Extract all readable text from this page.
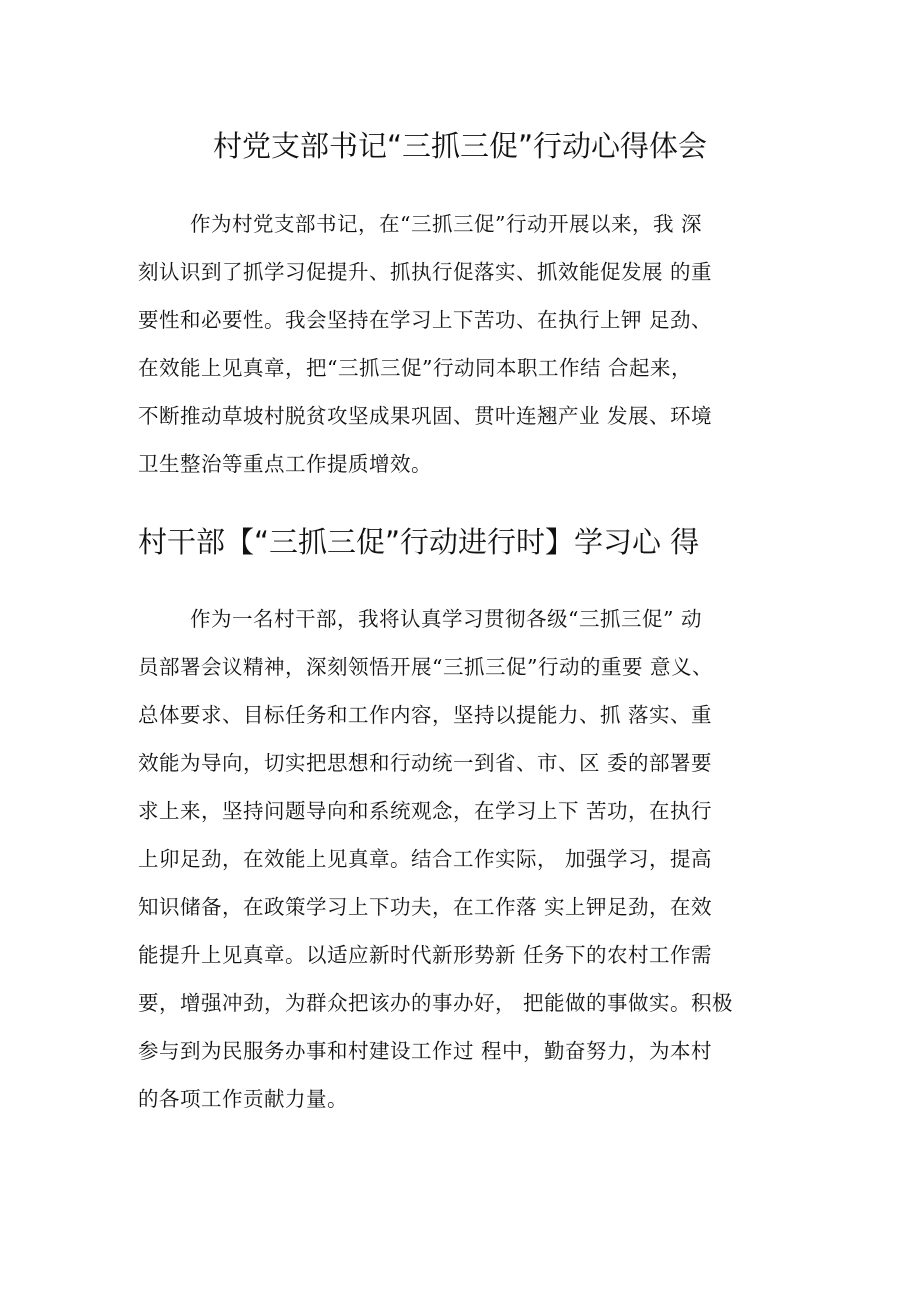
村党支部书记“三抓三促”行动心得体会
作为村党支部书记，在“三抓三促”行动开展以来，我 深
刻认识到了抓学习促提升、抓执行促落实、抓效能促发展 的重
要性和必要性。我会坚持在学习上下苦功、在执行上钾 足劲、
在效能上见真章，把“三抓三促”行动同本职工作结 合起来，
不断推动草坡村脱贫攻坚成果巩固、贯叶连翘产业 发展、环境
卫生整治等重点工作提质增效。
村干部【“三抓三促”行动进行时】学习心 得
作为一名村干部，我将认真学习贯彻各级“三抓三促” 动
员部署会议精神，深刻领悟开展“三抓三促”行动的重要 意义、
总体要求、目标任务和工作内容，坚持以提能力、抓 落实、重
效能为导向，切实把思想和行动统一到省、市、区 委的部署要
求上来，坚持问题导向和系统观念，在学习上下 苦功，在执行
上卯足劲，在效能上见真章。结合工作实际， 加强学习，提高
知识储备，在政策学习上下功夫，在工作落 实上钾足劲，在效
能提升上见真章。以适应新时代新形势新 任务下的农村工作需
要，增强冲劲，为群众把该办的事办好， 把能做的事做实。积极
参与到为民服务办事和村建设工作过 程中，勤奋努力，为本村
的各项工作贡献力量。
